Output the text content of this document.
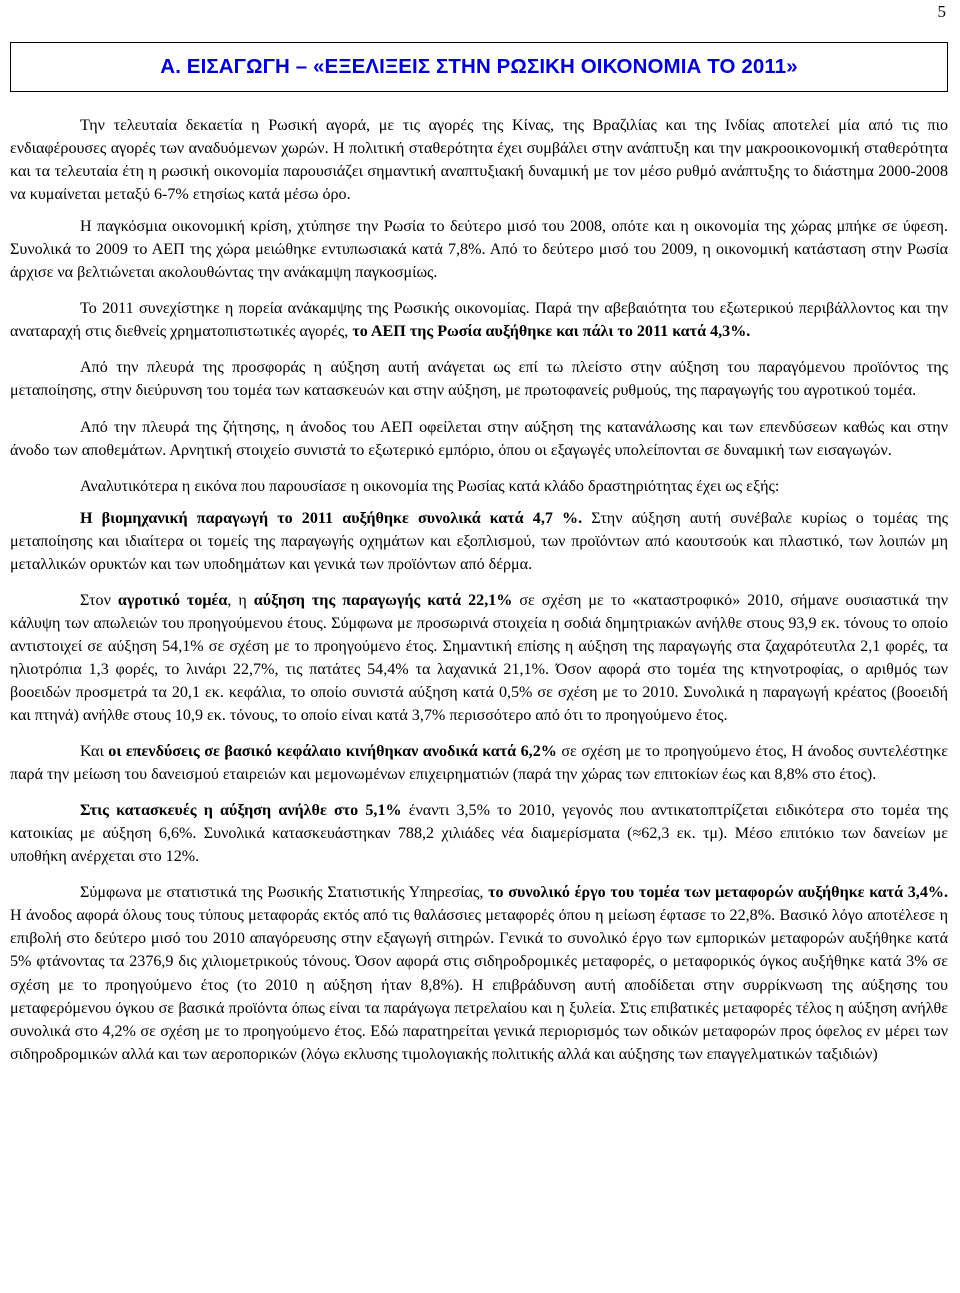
5
Α. ΕΙΣΑΓΩΓΗ – «ΕΞΕΛΙΞΕΙΣ ΣΤΗΝ ΡΩΣΙΚΗ ΟΙΚΟΝΟΜΙΑ ΤΟ 2011»

Την τελευταία δεκαετία η Ρωσική αγορά, με τις αγορές της Κίνας, της Βραζιλίας και της Ινδίας αποτελεί μία από τις πιο ενδιαφέρουσες αγορές των αναδυόμενων χωρών. Η πολιτική σταθερότητα έχει συμβάλει στην ανάπτυξη και την μακροοικονομική σταθερότητα και τα τελευταία έτη η ρωσική οικονομία παρουσιάζει σημαντική αναπτυξιακή δυναμική με τον μέσο ρυθμό ανάπτυξης το διάστημα 2000-2008 να κυμαίνεται μεταξύ 6-7% ετησίως κατά μέσω όρο.

Η παγκόσμια οικονομική κρίση, χτύπησε την Ρωσία το δεύτερο μισό του 2008, οπότε και η οικονομία της χώρας μπήκε σε ύφεση. Συνολικά το 2009 το ΑΕΠ της χώρα μειώθηκε εντυπωσιακά κατά 7,8%. Από το δεύτερο μισό του 2009, η οικονομική κατάσταση στην Ρωσία άρχισε να βελτιώνεται ακολουθώντας την ανάκαμψη παγκοσμίως.

Το 2011 συνεχίστηκε η πορεία ανάκαμψης της Ρωσικής οικονομίας. Παρά την αβεβαιότητα του εξωτερικού περιβάλλοντος και την αναταραχή στις διεθνείς χρηματοπιστωτικές αγορές, το ΑΕΠ της Ρωσία αυξήθηκε και πάλι το 2011 κατά 4,3%.

Από την πλευρά της προσφοράς η αύξηση αυτή ανάγεται ως επί τω πλείστο στην αύξηση του παραγόμενου προϊόντος της μεταποίησης, στην διεύρυνση του τομέα των κατασκευών και στην αύξηση, με πρωτοφανείς ρυθμούς, της παραγωγής του αγροτικού τομέα.

Από την πλευρά της ζήτησης, η άνοδος του ΑΕΠ οφείλεται στην αύξηση της κατανάλωσης και των επενδύσεων καθώς και στην άνοδο των αποθεμάτων. Αρνητική στοιχείο συνιστά το εξωτερικό εμπόριο, όπου οι εξαγωγές υπολείπονται σε δυναμική των εισαγωγών.

Αναλυτικότερα η εικόνα που παρουσίασε η οικονομία της Ρωσίας κατά κλάδο δραστηριότητας έχει ως εξής:

Η βιομηχανική παραγωγή το 2011 αυξήθηκε συνολικά κατά 4,7 %. Στην αύξηση αυτή συνέβαλε κυρίως ο τομέας της μεταποίησης και ιδιαίτερα οι τομείς της παραγωγής οχημάτων και εξοπλισμού, των προϊόντων από καουτσούκ και πλαστικό, των λοιπών μη μεταλλικών ορυκτών και των υποδημάτων και γενικά των προϊόντων από δέρμα.

Στον αγροτικό τομέα, η αύξηση της παραγωγής κατά 22,1% σε σχέση με το «καταστροφικό» 2010, σήμανε ουσιαστικά την κάλυψη των απωλειών του προηγούμενου έτους. Σύμφωνα με προσωρινά στοιχεία η σοδιά δημητριακών ανήλθε στους 93,9 εκ. τόνους το οποίο αντιστοιχεί σε αύξηση 54,1% σε σχέση με το προηγούμενο έτος. Σημαντική επίσης η αύξηση της παραγωγής στα ζαχαρότευτλα 2,1 φορές, τα ηλιοτρόπια 1,3 φορές, το λινάρι 22,7%, τις πατάτες 54,4% τα λαχανικά 21,1%. Όσον αφορά στο τομέα της κτηνοτροφίας, ο αριθμός των βοοειδών προσμετρά τα 20,1 εκ. κεφάλια, το οποίο συνιστά αύξηση κατά 0,5% σε σχέση με το 2010. Συνολικά η παραγωγή κρέατος (βοοειδή και πτηνά) ανήλθε στους 10,9 εκ. τόνους, το οποίο είναι κατά 3,7% περισσότερο από ότι το προηγούμενο έτος.

Και οι επενδύσεις σε βασικό κεφάλαιο κινήθηκαν ανοδικά κατά 6,2% σε σχέση με το προηγούμενο έτος, Η άνοδος συντελέστηκε παρά την μείωση του δανεισμού εταιρειών και μεμονωμένων επιχειρηματιών (παρά την χώρας των επιτοκίων έως και 8,8% στο έτος).

Στις κατασκευές η αύξηση ανήλθε στο 5,1% έναντι 3,5% το 2010, γεγονός που αντικατοπτρίζεται ειδικότερα στο τομέα της κατοικίας με αύξηση 6,6%. Συνολικά κατασκευάστηκαν 788,2 χιλιάδες νέα διαμερίσματα (≈62,3 εκ. τμ). Μέσο επιτόκιο των δανείων με υποθήκη ανέρχεται στο 12%.

Σύμφωνα με στατιστικά της Ρωσικής Στατιστικής Υπηρεσίας, το συνολικό έργο του τομέα των μεταφορών αυξήθηκε κατά 3,4%. Η άνοδος αφορά όλους τους τύπους μεταφοράς εκτός από τις θαλάσσιες μεταφορές όπου η μείωση έφτασε το 22,8%. Βασικό λόγο αποτέλεσε η επιβολή στο δεύτερο μισό του 2010 απαγόρευσης στην εξαγωγή σιτηρών. Γενικά το συνολικό έργο των εμπορικών μεταφορών αυξήθηκε κατά 5% φτάνοντας τα 2376,9 δις χιλιομετρικούς τόνους. Όσον αφορά στις σιδηροδρομικές μεταφορές, ο μεταφορικός όγκος αυξήθηκε κατά 3% σε σχέση με το προηγούμενο έτος (το 2010 η αύξηση ήταν 8,8%). Η επιβράδυνση αυτή αποδίδεται στην συρρίκνωση της αύξησης του μεταφερόμενου όγκου σε βασικά προϊόντα όπως είναι τα παράγωγα πετρελαίου και η ξυλεία. Στις επιβατικές μεταφορές τέλος η αύξηση ανήλθε συνολικά στο 4,2% σε σχέση με το προηγούμενο έτος. Εδώ παρατηρείται γενικά περιορισμός των οδικών μεταφορών προς όφελος εν μέρει των σιδηροδρομικών αλλά και των αεροπορικών (λόγω εκλυσης τιμολογιακής πολιτικής αλλά και αύξησης των επαγγελματικών ταξιδιών)
